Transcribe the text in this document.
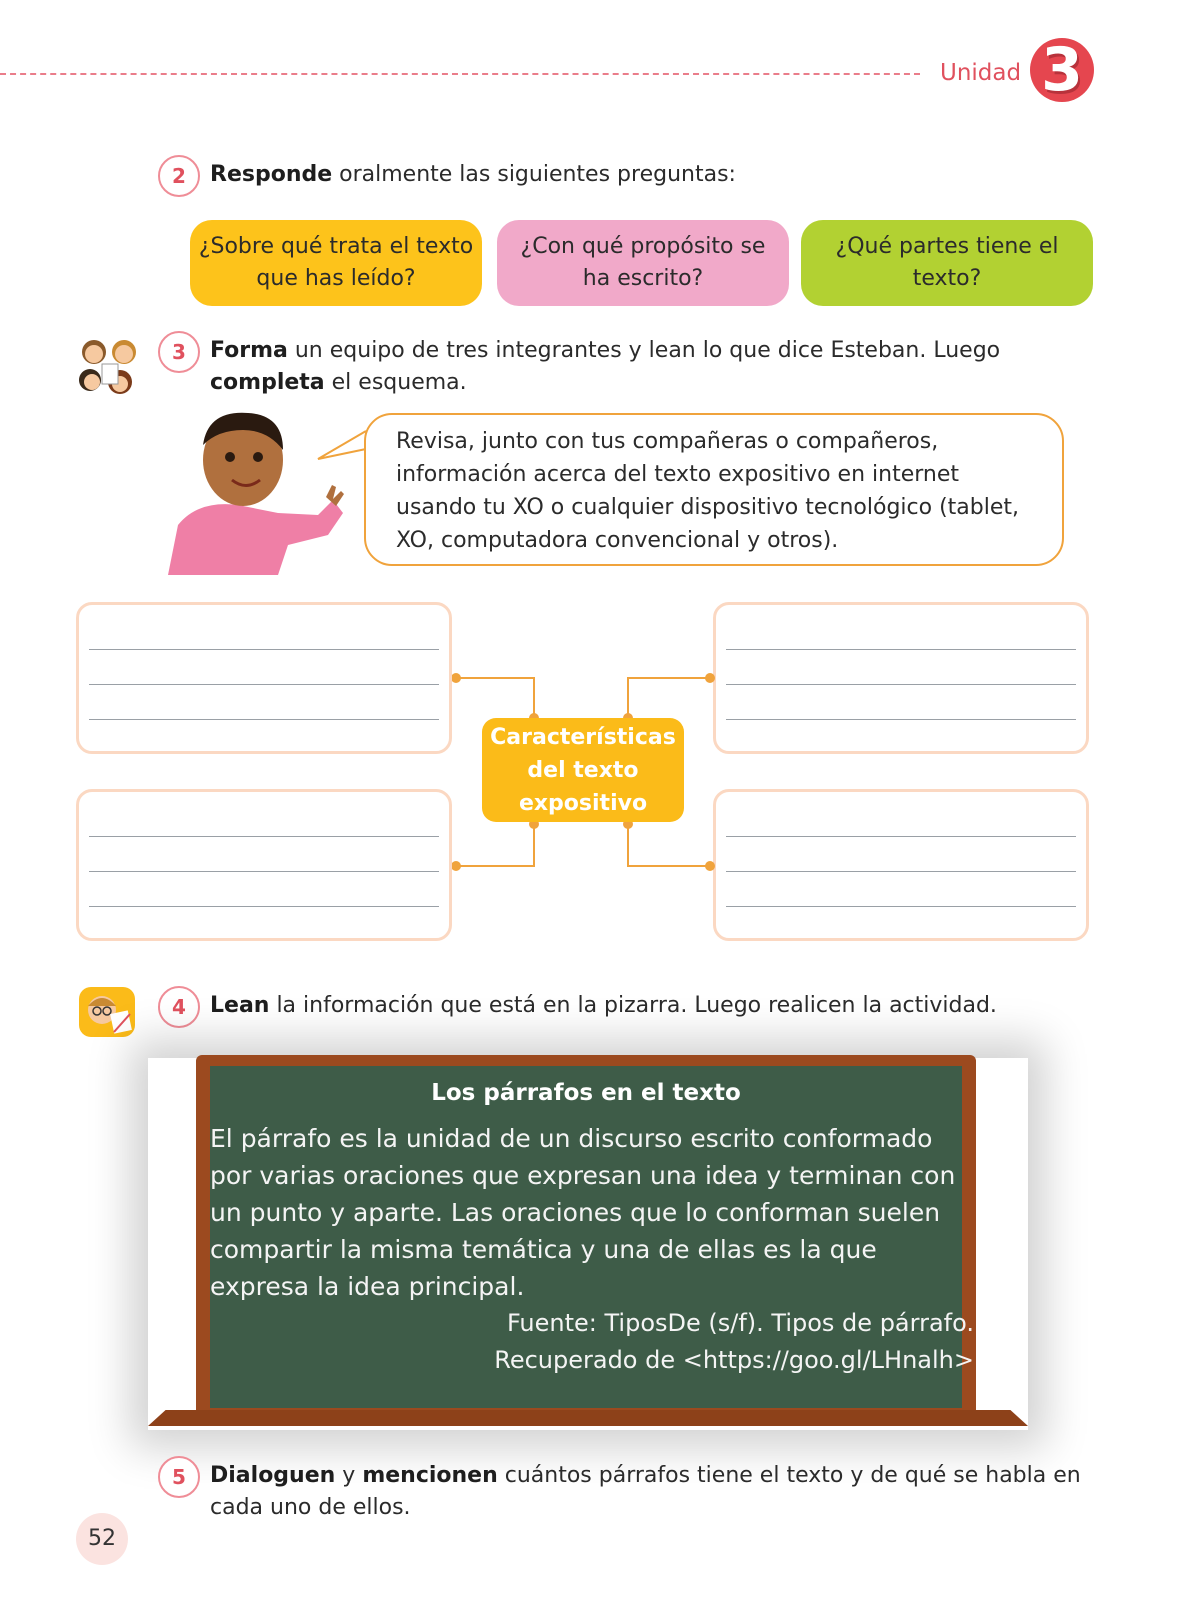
Unidad 3
2	Responde oralmente las siguientes preguntas:
¿Sobre qué trata el texto que has leído?
¿Con qué propósito se ha escrito?
¿Qué partes tiene el texto?
3	Forma un equipo de tres integrantes y lean lo que dice Esteban. Luego completa el esquema.
Revisa, junto con tus compañeras o compañeros, información acerca del texto expositivo en internet usando tu XO o cualquier dispositivo tecnológico (tablet, XO, computadora convencional y otros).
Características del texto expositivo
4	Lean la información que está en la pizarra. Luego realicen la actividad.
Los párrafos en el texto
El párrafo es la unidad de un discurso escrito conformado por varias oraciones que expresan una idea y terminan con un punto y aparte. Las oraciones que lo conforman suelen compartir la misma temática y una de ellas es la que expresa la idea principal.
Fuente: TiposDe (s/f). Tipos de párrafo.
Recuperado de <https://goo.gl/LHnalh>
5	Dialoguen y mencionen cuántos párrafos tiene el texto y de qué se habla en cada uno de ellos.
52
